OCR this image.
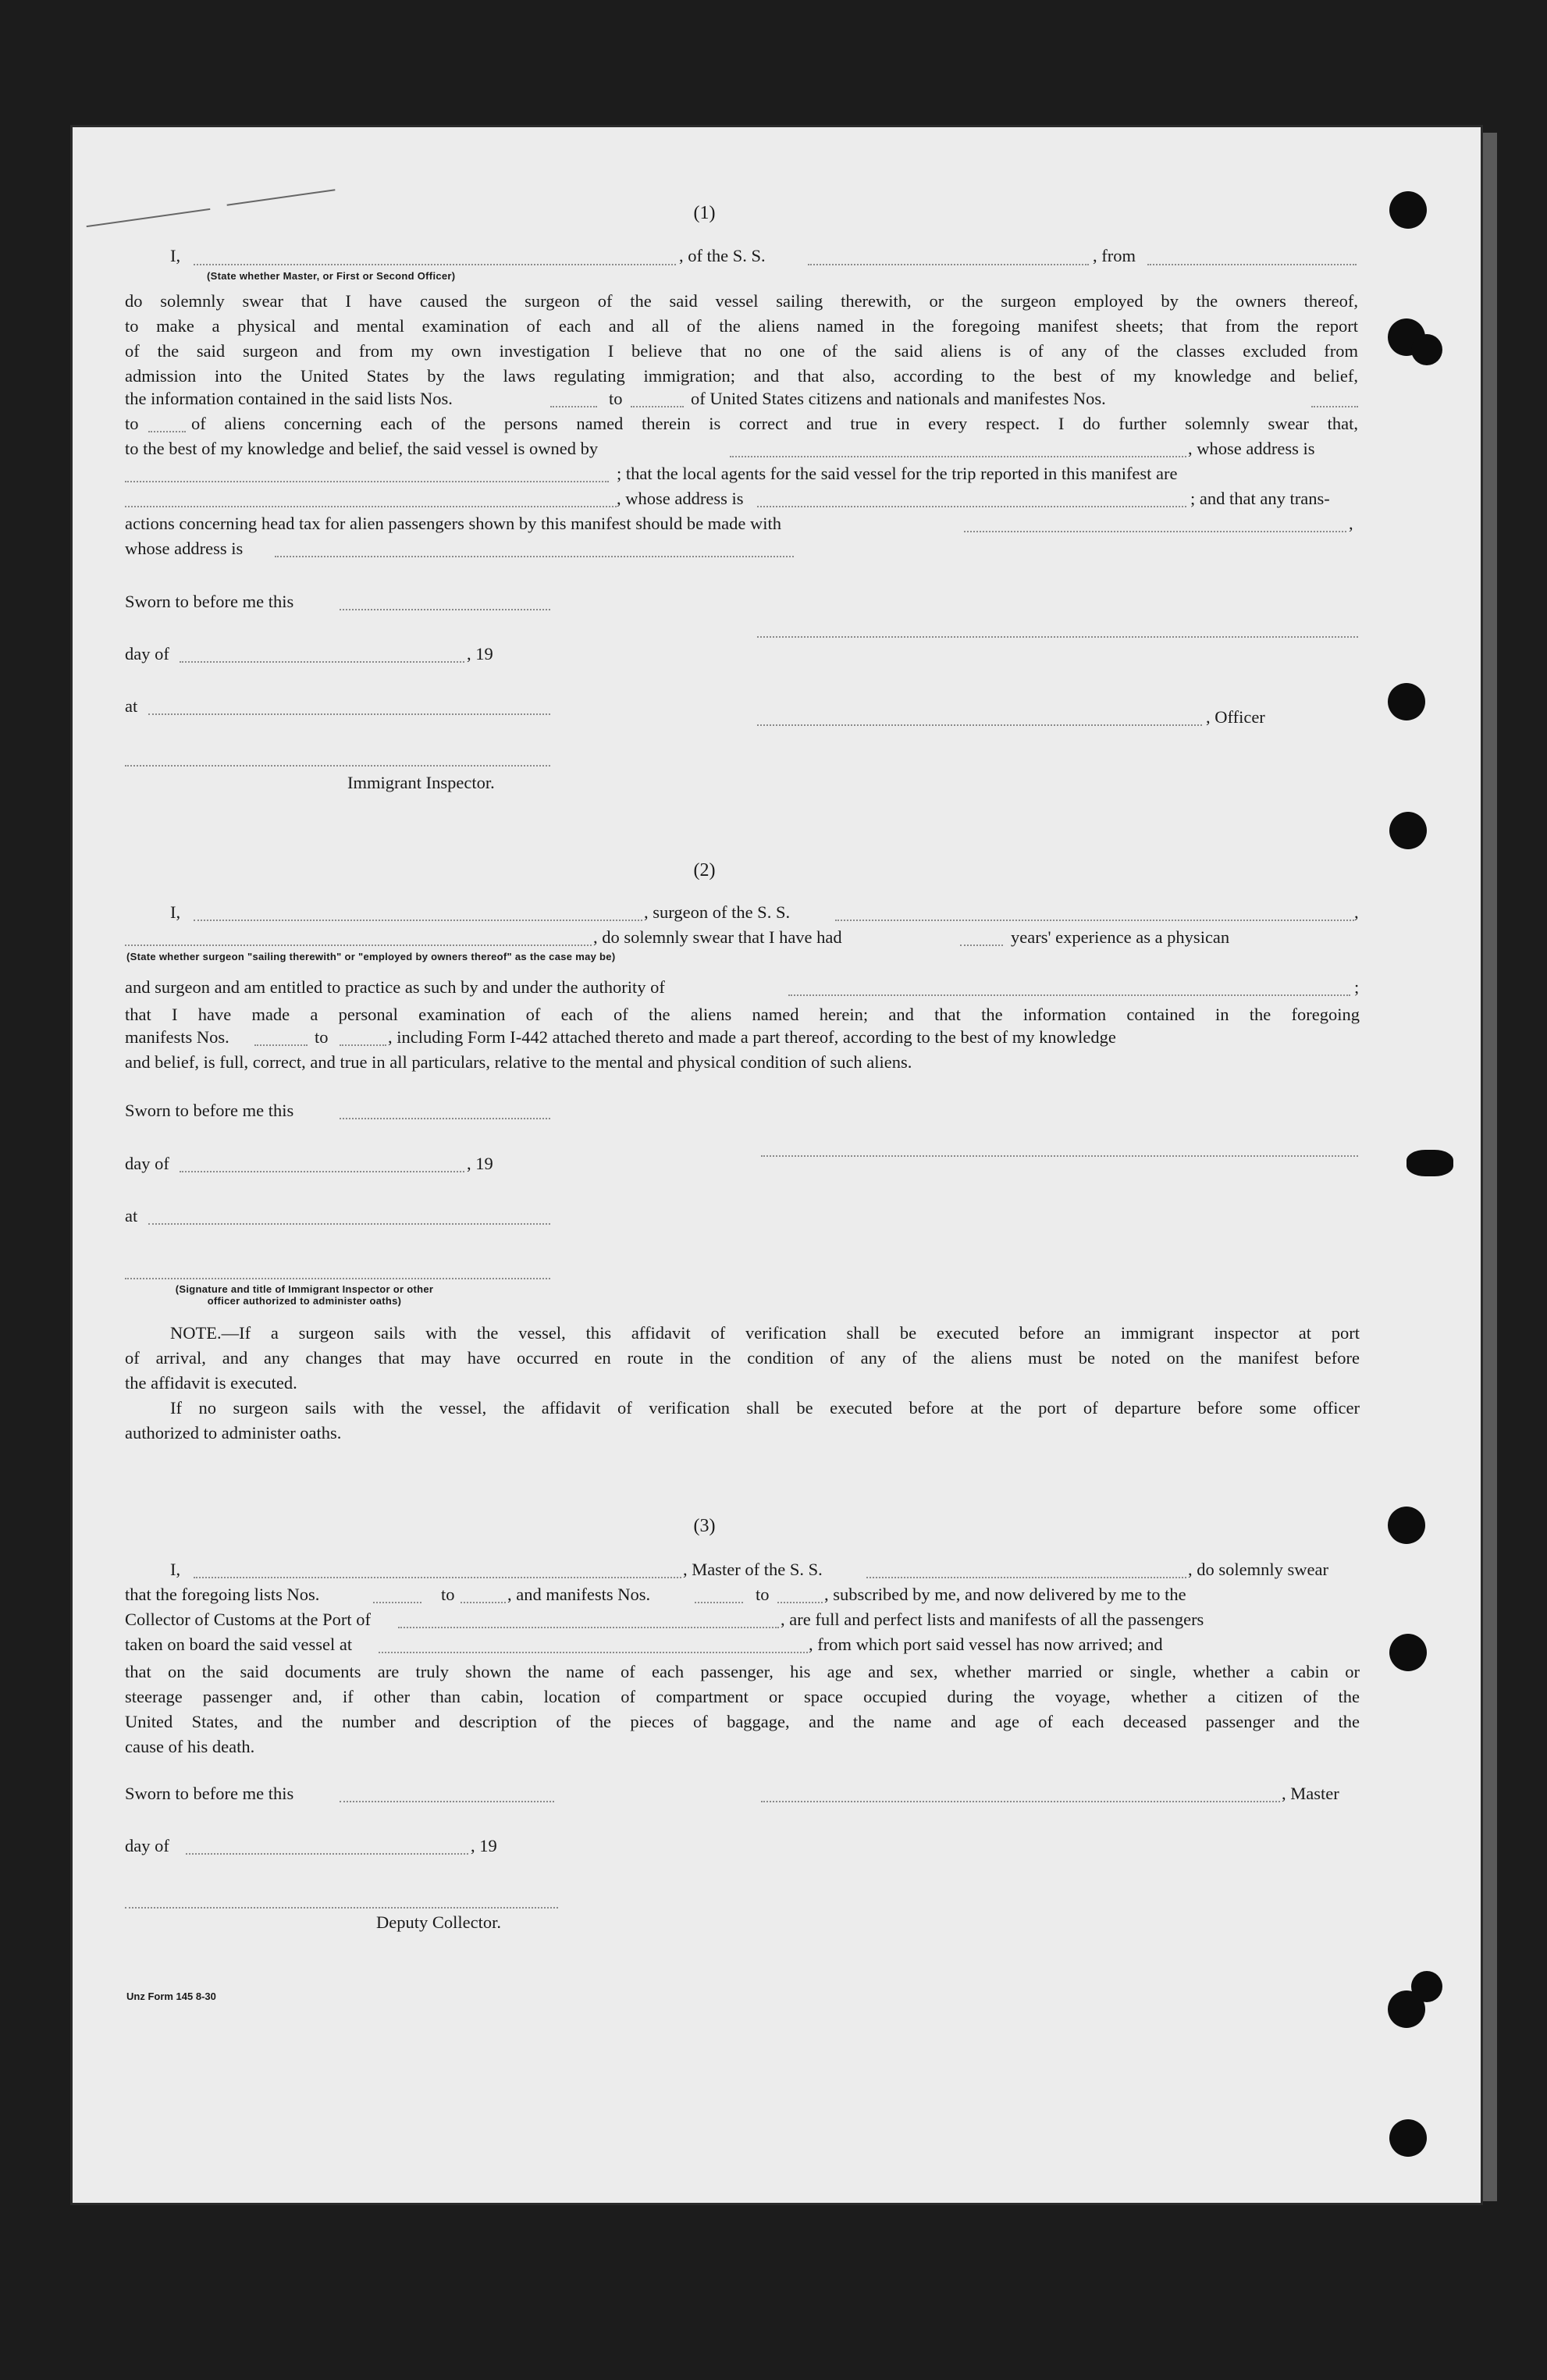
(1)
I,	, of the S. S.	, from
(State whether Master, or First or Second Officer)
do solemnly swear that I have caused the surgeon of the said vessel sailing therewith, or the surgeon employed by the owners thereof,
to make a physical and mental examination of each and all of the aliens named in the foregoing manifest sheets; that from the report
of the said surgeon and from my own investigation I believe that no one of the said aliens is of any of the classes excluded from
admission into the United States by the laws regulating immigration; and that also, according to the best of my knowledge and belief,
the information contained in the said lists Nos.	to	of United States citizens and nationals and manifestes Nos.
to	of aliens concerning each of the persons named therein is correct and true in every respect. I do further solemnly swear that,
to the best of my knowledge and belief, the said vessel is owned by	, whose address is
; that the local agents for the said vessel for the trip reported in this manifest are
, whose address is	; and that any trans-
actions concerning head tax for alien passengers shown by this manifest should be made with	,
whose address is
Sworn to before me this
day of	, 19
at
, Officer
Immigrant Inspector.
(2)
I,	, surgeon of the S. S.	,
, do solemnly swear that I have had	years' experience as a physican
(State whether surgeon "sailing therewith" or "employed by owners thereof" as the case may be)
and surgeon and am entitled to practice as such by and under the authority of	;
that I have made a personal examination of each of the aliens named herein; and that the information contained in the foregoing
manifests Nos.	to	, including Form I-442 attached thereto and made a part thereof, according to the best of my knowledge
and belief, is full, correct, and true in all particulars, relative to the mental and physical condition of such aliens.
Sworn to before me this
day of	, 19
at
(Signature and title of Immigrant Inspector or other
officer authorized to administer oaths)
NOTE.—If a surgeon sails with the vessel, this affidavit of verification shall be executed before an immigrant inspector at port
of arrival, and any changes that may have occurred en route in the condition of any of the aliens must be noted on the manifest before
the affidavit is executed.
If no surgeon sails with the vessel, the affidavit of verification shall be executed before at the port of departure before some officer
authorized to administer oaths.
(3)
I,	, Master of the S. S.	, do solemnly swear
that the foregoing lists Nos.	to	, and manifests Nos.	to	, subscribed by me, and now delivered by me to the
Collector of Customs at the Port of	, are full and perfect lists and manifests of all the passengers
taken on board the said vessel at	, from which port said vessel has now arrived; and
that on the said documents are truly shown the name of each passenger, his age and sex, whether married or single, whether a cabin or
steerage passenger and, if other than cabin, location of compartment or space occupied during the voyage, whether a citizen of the
United States, and the number and description of the pieces of baggage, and the name and age of each deceased passenger and the
cause of his death.
Sworn to before me this	, Master
day of	, 19
Deputy Collector.
Unz Form 145 8-30
